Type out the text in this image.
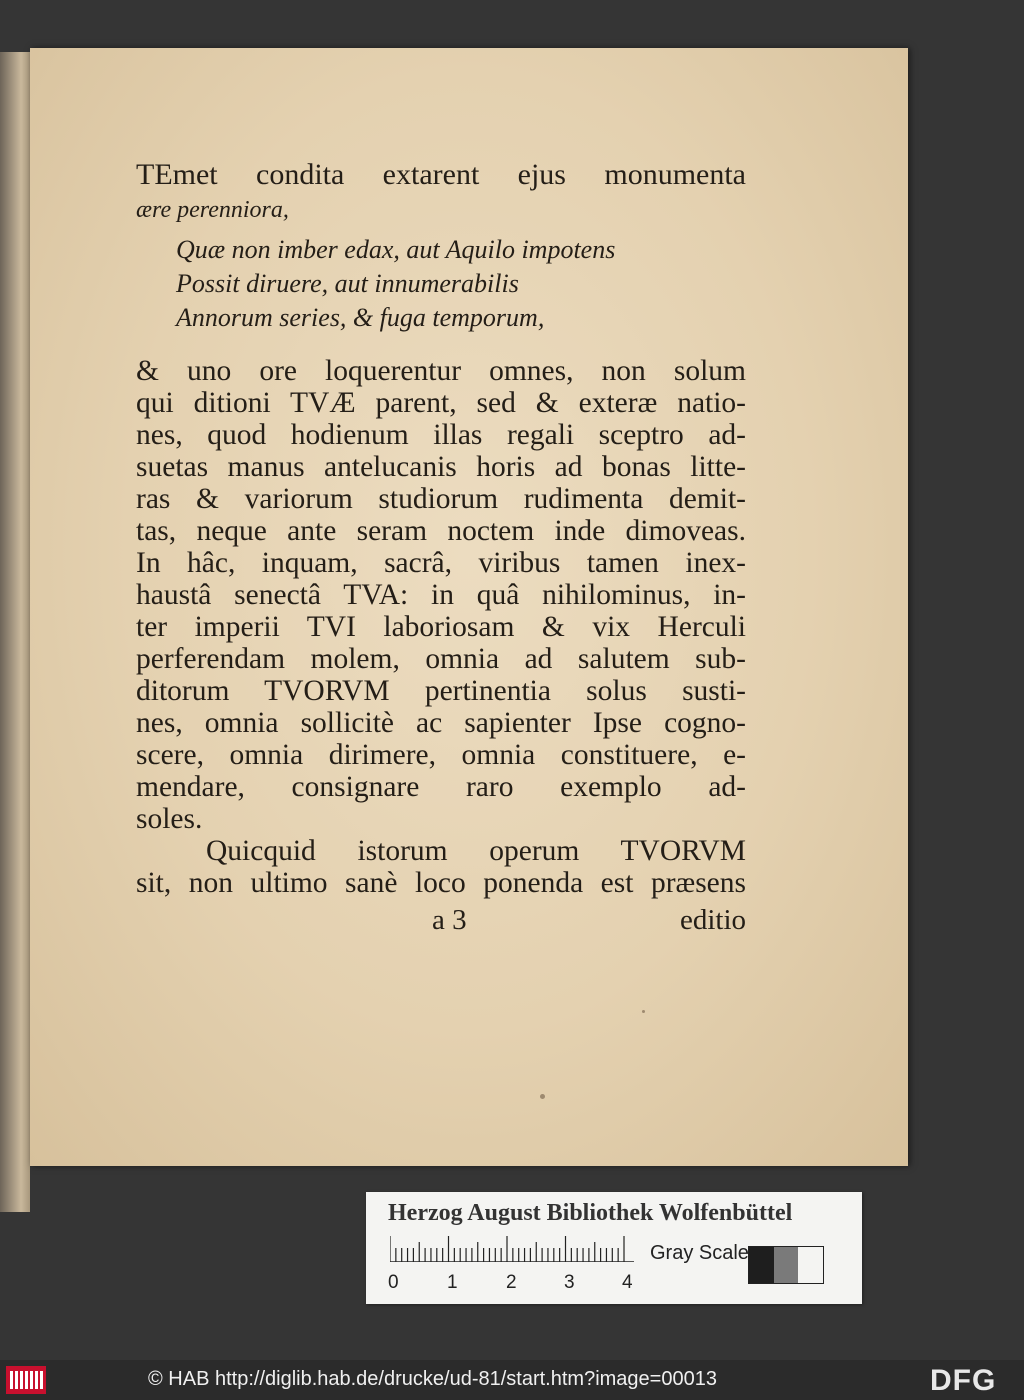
TEmet condita extarent ejus monumenta
ære perenniora,
Quæ non imber edax, aut Aquilo impotens
Possit diruere, aut innumerabilis
Annorum series, & fuga temporum,
& uno ore loquerentur omnes, non solum
qui ditioni TVÆ parent, sed & exteræ natio-
nes, quod hodienum illas regali sceptro ad-
suetas manus antelucanis horis ad bonas litte-
ras & variorum studiorum rudimenta demit-
tas, neque ante seram noctem inde dimoveas.
In hâc, inquam, sacrâ, viribus tamen inex-
haustâ senectâ TVA: in quâ nihilominus, in-
ter imperii TVI laboriosam & vix Herculi
perferendam molem, omnia ad salutem sub-
ditorum TVORVM pertinentia solus susti-
nes, omnia sollicitè ac sapienter Ipse cogno-
scere, omnia dirimere, omnia constituere, e-
mendare, consignare raro exemplo ad-
soles.
Quicquid istorum operum TVORVM
sit, non ultimo sanè loco ponenda est præsens
a 3	editio
Herzog August Bibliothek Wolfenbüttel
0	1	2 3 4
Gray Scale
© HAB http://diglib.hab.de/drucke/ud-81/start.htm?image=00013	DFG
